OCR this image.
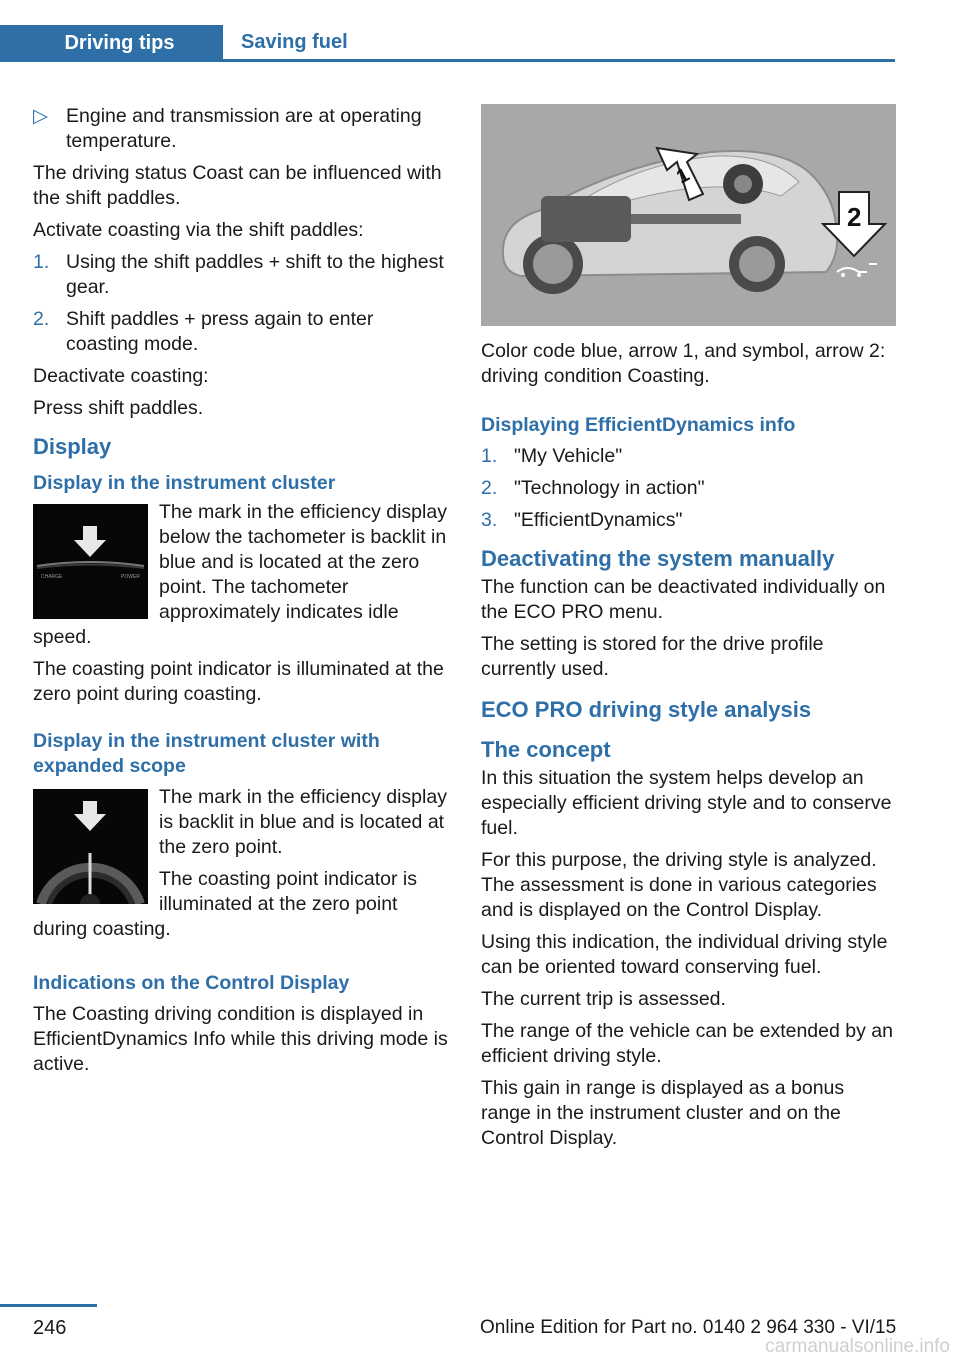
Driving tips	Saving fuel
▷ Engine and transmission are at operating temperature.

The driving status Coast can be influenced with the shift paddles.

Activate coasting via the shift paddles:

1. Using the shift paddles + shift to the highest gear.
2. Shift paddles + press again to enter coasting mode.

Deactivate coasting:

Press shift paddles.

Display
Display in the instrument cluster
CHARGE	POWER

The mark in the efficiency display below the tachometer is backlit in blue and is located at the zero point. The tachometer approximately indicates idle speed.

The coasting point indicator is illuminated at the zero point during coasting.

Display in the instrument cluster with expanded scope

The mark in the efficiency display is backlit in blue and is located at the zero point.

The coasting point indicator is illuminated at the zero point during coasting.

Indications on the Control Display

The Coasting driving condition is displayed in EfficientDynamics Info while this driving mode is active.

1
2

Color code blue, arrow 1, and symbol, arrow 2: driving condition Coasting.

Displaying EfficientDynamics info
1. "My Vehicle"
2. "Technology in action"
3. "EfficientDynamics"
Deactivating the system manually

The function can be deactivated individually on the ECO PRO menu.

The setting is stored for the drive profile currently used.

ECO PRO driving style analysis
The concept

In this situation the system helps develop an especially efficient driving style and to conserve fuel.

For this purpose, the driving style is analyzed. The assessment is done in various categories and is displayed on the Control Display.

Using this indication, the individual driving style can be oriented toward conserving fuel.

The current trip is assessed.

The range of the vehicle can be extended by an efficient driving style.

This gain in range is displayed as a bonus range in the instrument cluster and on the Control Display.

246	Online Edition for Part no. 0140 2 964 330 - VI/15
carmanualsonline.info
